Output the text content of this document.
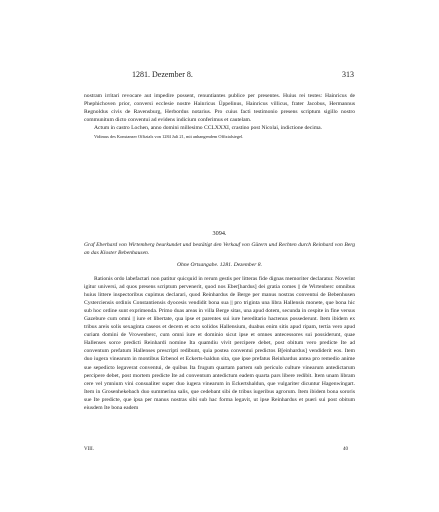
1281. Dezember 8.	313

nostram irritari revocare aut impedire possent, renuntiantes publice per presentes. Huius rei testes: Hainricus de Phephichoven prior, conversi ecclesie nostre Hainricus Üppelinus, Hainricus villicus, frater Jacobus, Hermannus Regnoldus civis de Ravensburg, Herbordus notarius. Pro cuius facti testimonio presens scriptum sigillo nostro communitum dicto conventui ad evidens indicium conferimus et cautelam.

Actum in castro Lochen, anno domini millesimo CCLXXXI, crastino post Nicolai, indictione decima.

Vidimus des Konstanzer Offizials von 1284 Juli 21, mit anhangendem Offizialsiegel.

3094.
Graf Eberhard von Wirtemberg beurkundet und bestätigt den Verkauf von Gütern und Rechten durch Reinhard von Berg an das Kloster Bebenhausen.
Ohne Ortsangabe. 1281. Dezember 8.

Rationis ordo labefactari non patitur quicquid in rerum gestis per litteras fide dignas memoriter declaratur. Noverint igitur universi, ad quos presens scriptum pervenerit, quod nos Eber[hardus] dei gratia comes || de Wirtenberc omnibus huius littere inspectoribus cupimus declarari, quod Reinhardus de Berge per manus nostras conventui de Bebenhusen Cysterciensis ordinis Constantiensis dyocesis vendidit bona sua || pro triginta una libra Hallensis monete, que bona hic sub hoc ordine sunt exprimenda. Primo duas areas in villa Berge sitas, una apud dotem, secunda in cespite in fine versus Gazebure cum omni || iure et libertate, qua ipse et parentes sui iure hereditario hactenus possederunt. Item ibidem ex tribus areis solis sexaginta caseos et decem et octo solidos Hallensium, duabus enim sitis apud ripam, tertia vero apud curiam domini de Vrowenberc, cum omni iure et dominio sicut ipse et omnes antecessores sui possiderunt, quae Hallenses sorce predicti Reinhardi nomine Ita quamdiu vivit percipere debet, post obitum vero predicte Ite ad conventum prefatum Hallenses prescripti redibunt, quia postea conventui predictos B[einhardus] vendiderit eos. Item duo iugera vinearum in montibus Erbenol et Eckerts-haldun sita, que ipse prefatus Reinhardus antea pro remedio anime sue sepedicto legaverat conventui, de quibus Ita frugum quartam partem sub periculo culture vinearum antedictarum percipere debet, post mortem predicte Ite ad conventum antedictum eadem quarta pars libere redibit. Item unam libram cere vel ymnium vini consualiter super duo iugera vinearum in Eckertshaldun, que vulgariter dicuntur Hagenwingart. Item in Grosenhekebach duo summerina salis, que cedebant sibi de tribus iugeribus agrorum. Item ibidem bona sororis sue Ite predicte, que ipsa per manus nostras sibi sub hac forma legavit, ut ipse Reinhardus et pueri sui post obitum eiusdem Ite bona eadem

VIII.	40
